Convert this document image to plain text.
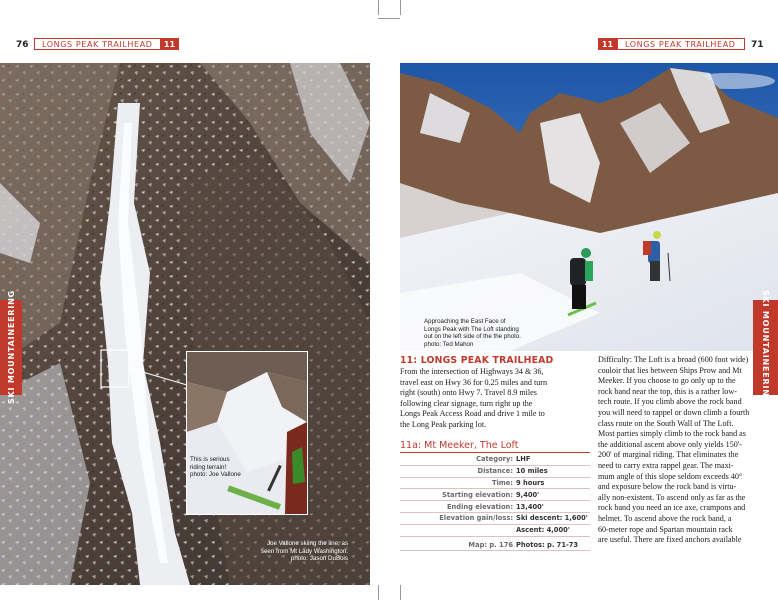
76	LONGS PEAK TRAILHEAD	11	11	LONGS PEAK TRAILHEAD 71
This is serious
riding terrain!
photo: Joe Vallone
Joe Vallone skiing the line, as
seen from Mt Lady Washington.
photo: Jason DuBois
SKI MOUNTAINEERING	Approaching the East Face of
Longs Peak with The Loft standing
out on the left side of the the photo.
photo: Ted Mahon	SKI MOUNTAINEERING
11: LONGS PEAK TRAILHEAD
From the intersection of Highways 34 & 36,
travel east on Hwy 36 for 0.25 miles and turn
right (south) onto Hwy 7. Travel 8.9 miles
following clear signage, turn right up the
Longs Peak Access Road and drive 1 mile to
the Long Peak parking lot.
11a: Mt Meeker, The Loft
Category: LHF
Distance: 10 miles
Time: 9 hours
Starting elevation: 9,400'
Ending elevation: 13,400'
Elevation gain/loss: Ski descent: 1,600'
Ascent: 4,000'
Map: p. 176 Photos: p. 71-73
Difficulty: The Loft is a broad (600 foot wide)
couloir that lies between Ships Prow and Mt
Meeker. If you choose to go only up to the
rock band near the top, this is a rather low-
tech route. If you climb above the rock band
you will need to rappel or down climb a fourth
class route on the South Wall of The Loft.
Most parties simply climb to the rock band as
the additional ascent above only yields 150'-
200' of marginal riding. That eliminates the
need to carry extra rappel gear. The maxi-
mum angle of this slope seldom exceeds 40°
and exposure below the rock band is virtu-
ally non-existent. To ascend only as far as the
rock band you need an ice axe, crampons and
helmet. To ascend above the rock band, a
60-meter rope and Spartan mountain rack
are useful. There are fixed anchors available
